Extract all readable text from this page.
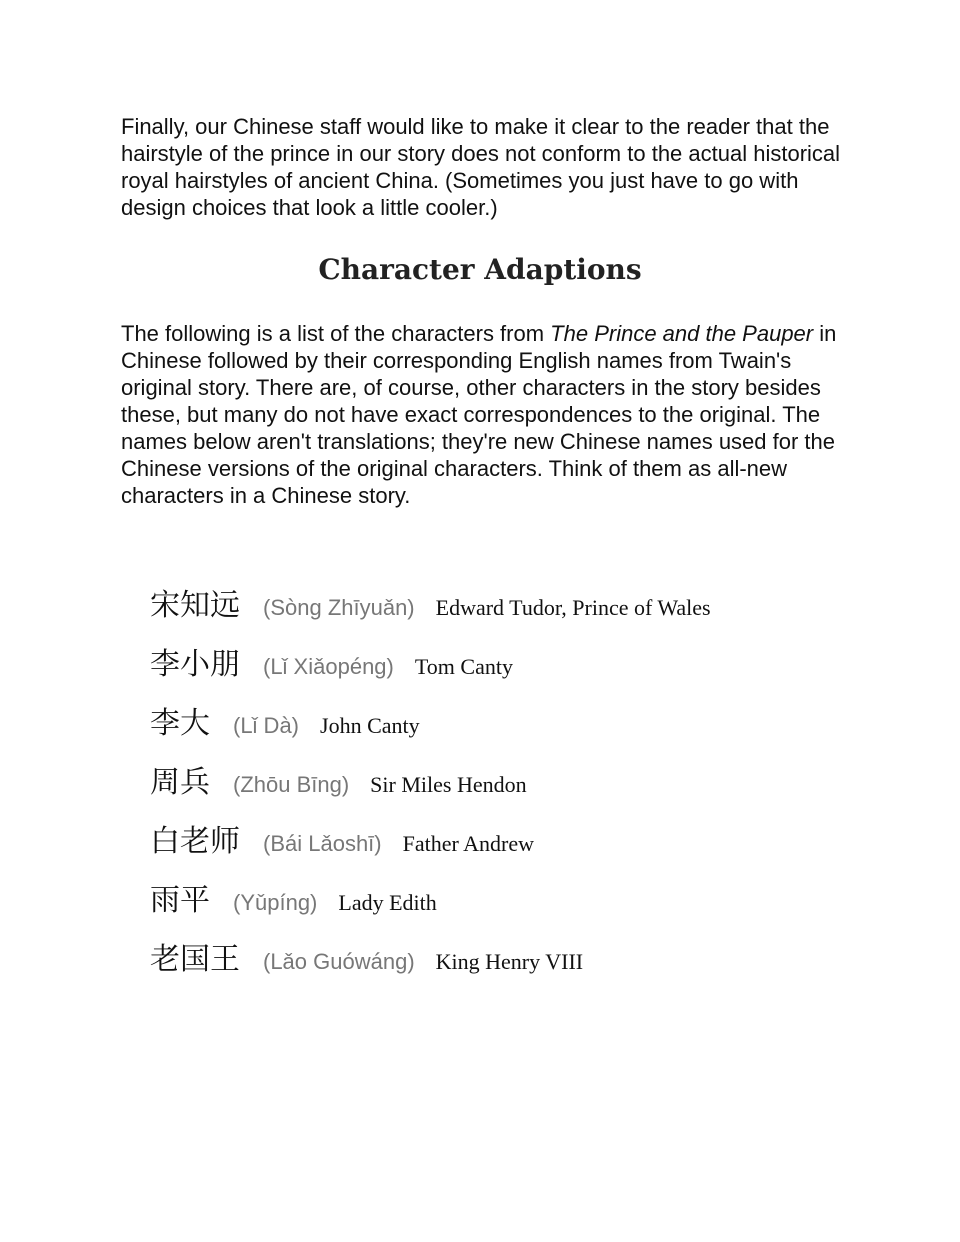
Finally, our Chinese staff would like to make it clear to the reader that the hairstyle of the prince in our story does not conform to the actual historical royal hairstyles of ancient China. (Sometimes you just have to go with design choices that look a little cooler.)

Character Adaptions

The following is a list of the characters from The Prince and the Pauper in Chinese followed by their corresponding English names from Twain's original story. There are, of course, other characters in the story besides these, but many do not have exact correspondences to the original. The names below aren't translations; they're new Chinese names used for the Chinese versions of the original characters. Think of them as all-new characters in a Chinese story.

宋知远 (Sòng Zhīyuǎn) Edward Tudor, Prince of Wales
李小朋 (Lǐ Xiǎopéng) Tom Canty
李大 (Lǐ Dà) John Canty
周兵 (Zhōu Bīng) Sir Miles Hendon
白老师 (Bái Lǎoshī) Father Andrew
雨平 (Yǔpíng) Lady Edith
老国王 (Lǎo Guówáng) King Henry VIII
